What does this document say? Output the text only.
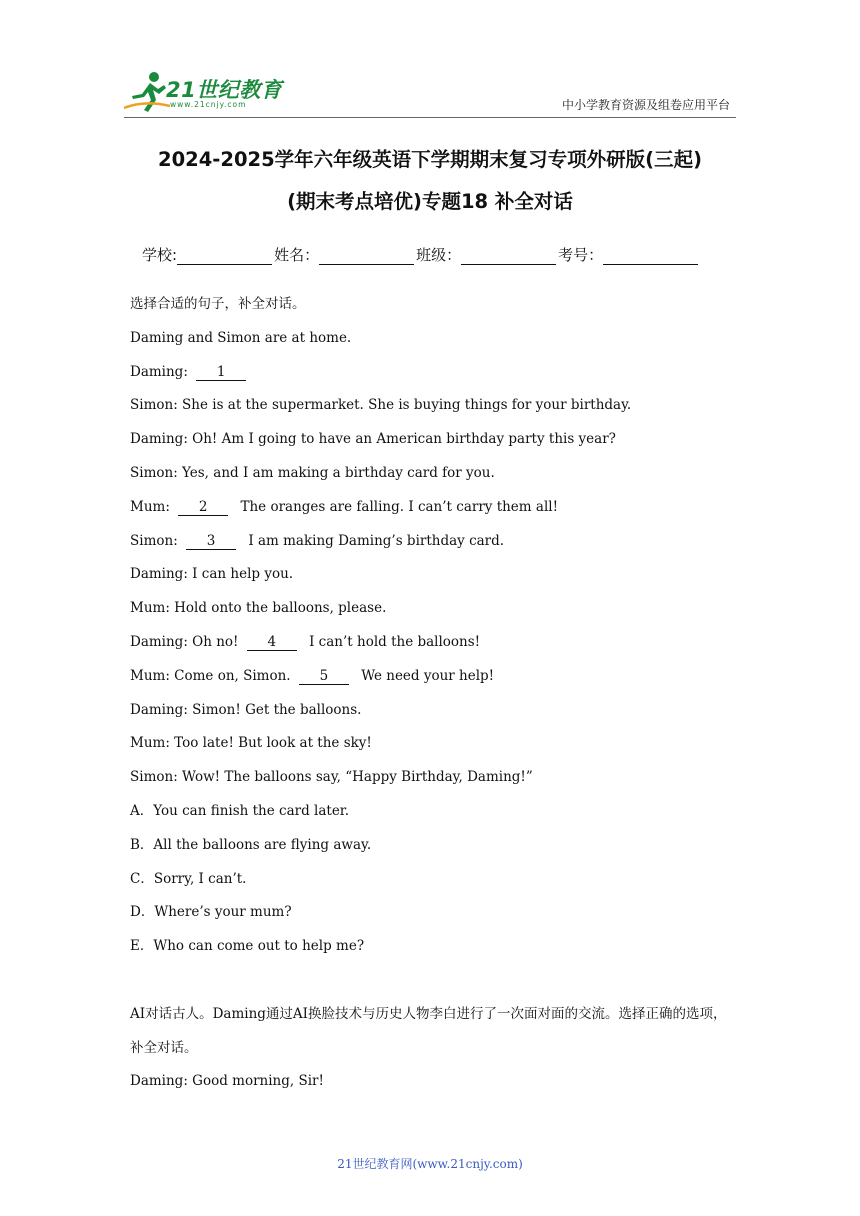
21世纪教育
www.21cnjy.com	中小学教育资源及组卷应用平台
2024-2025学年六年级英语下学期期末复习专项外研版(三起)
(期末考点培优)专题18 补全对话
学校:	姓名：	班级：	考号：
选择合适的句子，补全对话。
Daming and Simon are at home.
Daming: 1
Simon: She is at the supermarket. She is buying things for your birthday.
Daming: Oh! Am I going to have an American birthday party this year?
Simon: Yes, and I am making a birthday card for you.
Mum: 2 The oranges are falling. I can’t carry them all!
Simon: 3 I am making Daming’s birthday card.
Daming: I can help you.
Mum: Hold onto the balloons, please.
Daming: Oh no! 4 I can’t hold the balloons!
Mum: Come on, Simon. 5 We need your help!
Daming: Simon! Get the balloons.
Mum: Too late! But look at the sky!
Simon: Wow! The balloons say, “Happy Birthday, Daming!”
A．You can finish the card later.
B．All the balloons are flying away.
C．Sorry, I can’t.
D．Where’s your mum?
E．Who can come out to help me?
AI对话古人。Daming通过AI换脸技术与历史人物李白进行了一次面对面的交流。选择正确的选项，补全对话。
Daming: Good morning, Sir!
21世纪教育网(www.21cnjy.com)
